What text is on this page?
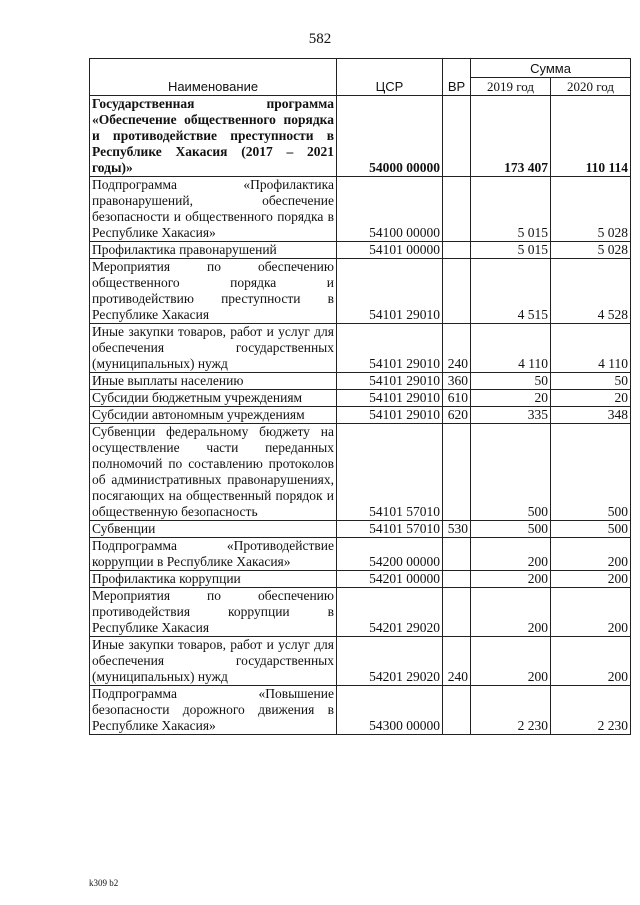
582
Наименование	ЦСР	ВР	Сумма	
			2019 год	2020 год
Государственная программа «Обеспечение общественного порядка и противодействие преступности в Республике Хакасия (2017 – 2021 годы)»	54000 00000		173 407	110 114
Подпрограмма «Профилактика правонарушений, обеспечение безопасности и общественного порядка в Республике Хакасия»	54100 00000		5 015	5 028
Профилактика правонарушений	54101 00000		5 015	5 028
Мероприятия по обеспечению общественного порядка и противодействию преступности в Республике Хакасия	54101 29010		4 515	4 528
Иные закупки товаров, работ и услуг для обеспечения государственных (муниципальных) нужд	54101 29010	240	4 110	4 110
Иные выплаты населению	54101 29010	360	50	50
Субсидии бюджетным учреждениям	54101 29010	610	20	20
Субсидии автономным учреждениям	54101 29010	620	335	348
Субвенции федеральному бюджету на осуществление части переданных полномочий по составлению протоколов об административных правонарушениях, посягающих на общественный порядок и общественную безопасность	54101 57010		500	500
Субвенции	54101 57010	530	500	500
Подпрограмма «Противодействие коррупции в Республике Хакасия»	54200 00000		200	200
Профилактика коррупции	54201 00000		200	200
Мероприятия по обеспечению противодействия коррупции в Республике Хакасия	54201 29020		200	200
Иные закупки товаров, работ и услуг для обеспечения государственных (муниципальных) нужд	54201 29020	240	200	200
Подпрограмма «Повышение безопасности дорожного движения в Республике Хакасия»	54300 00000		2 230	2 230
k309 b2
